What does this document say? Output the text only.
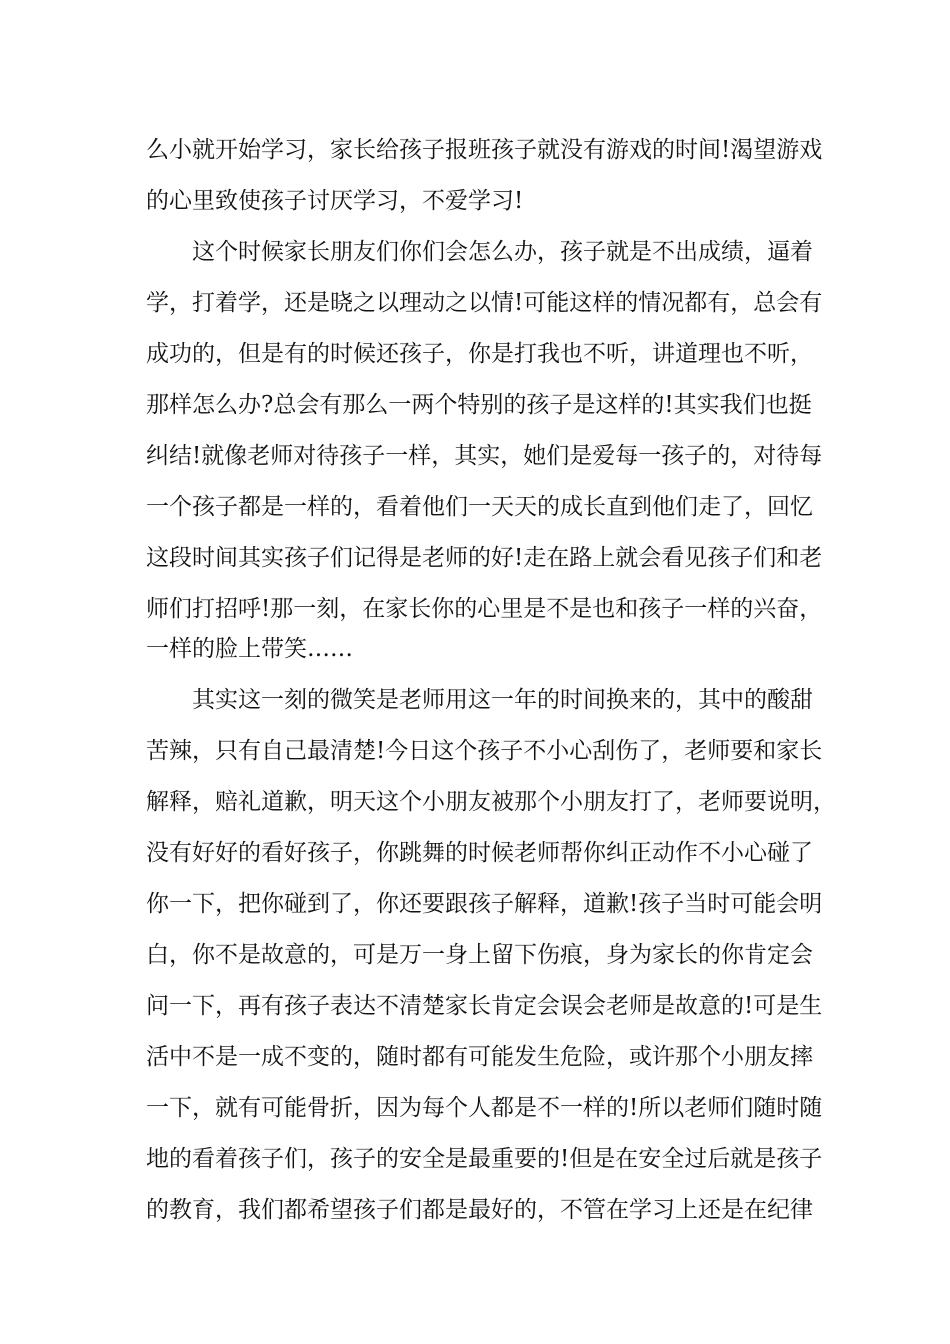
么小就开始学习，家长给孩子报班孩子就没有游戏的时间!渴望游戏
的心里致使孩子讨厌学习，不爱学习!
这个时候家长朋友们你们会怎么办，孩子就是不出成绩，逼着
学，打着学，还是晓之以理动之以情!可能这样的情况都有，总会有
成功的，但是有的时候还孩子，你是打我也不听，讲道理也不听，
那样怎么办?总会有那么一两个特别的孩子是这样的!其实我们也挺
纠结!就像老师对待孩子一样，其实，她们是爱每一孩子的，对待每
一个孩子都是一样的，看着他们一天天的成长直到他们走了，回忆
这段时间其实孩子们记得是老师的好!走在路上就会看见孩子们和老
师们打招呼!那一刻，在家长你的心里是不是也和孩子一样的兴奋，
一样的脸上带笑……
其实这一刻的微笑是老师用这一年的时间换来的，其中的酸甜
苦辣，只有自己最清楚!今日这个孩子不小心刮伤了，老师要和家长
解释，赔礼道歉，明天这个小朋友被那个小朋友打了，老师要说明，
没有好好的看好孩子，你跳舞的时候老师帮你纠正动作不小心碰了
你一下，把你碰到了，你还要跟孩子解释，道歉!孩子当时可能会明
白，你不是故意的，可是万一身上留下伤痕，身为家长的你肯定会
问一下，再有孩子表达不清楚家长肯定会误会老师是故意的!可是生
活中不是一成不变的，随时都有可能发生危险，或许那个小朋友摔
一下，就有可能骨折，因为每个人都是不一样的!所以老师们随时随
地的看着孩子们，孩子的安全是最重要的!但是在安全过后就是孩子
的教育，我们都希望孩子们都是最好的，不管在学习上还是在纪律
